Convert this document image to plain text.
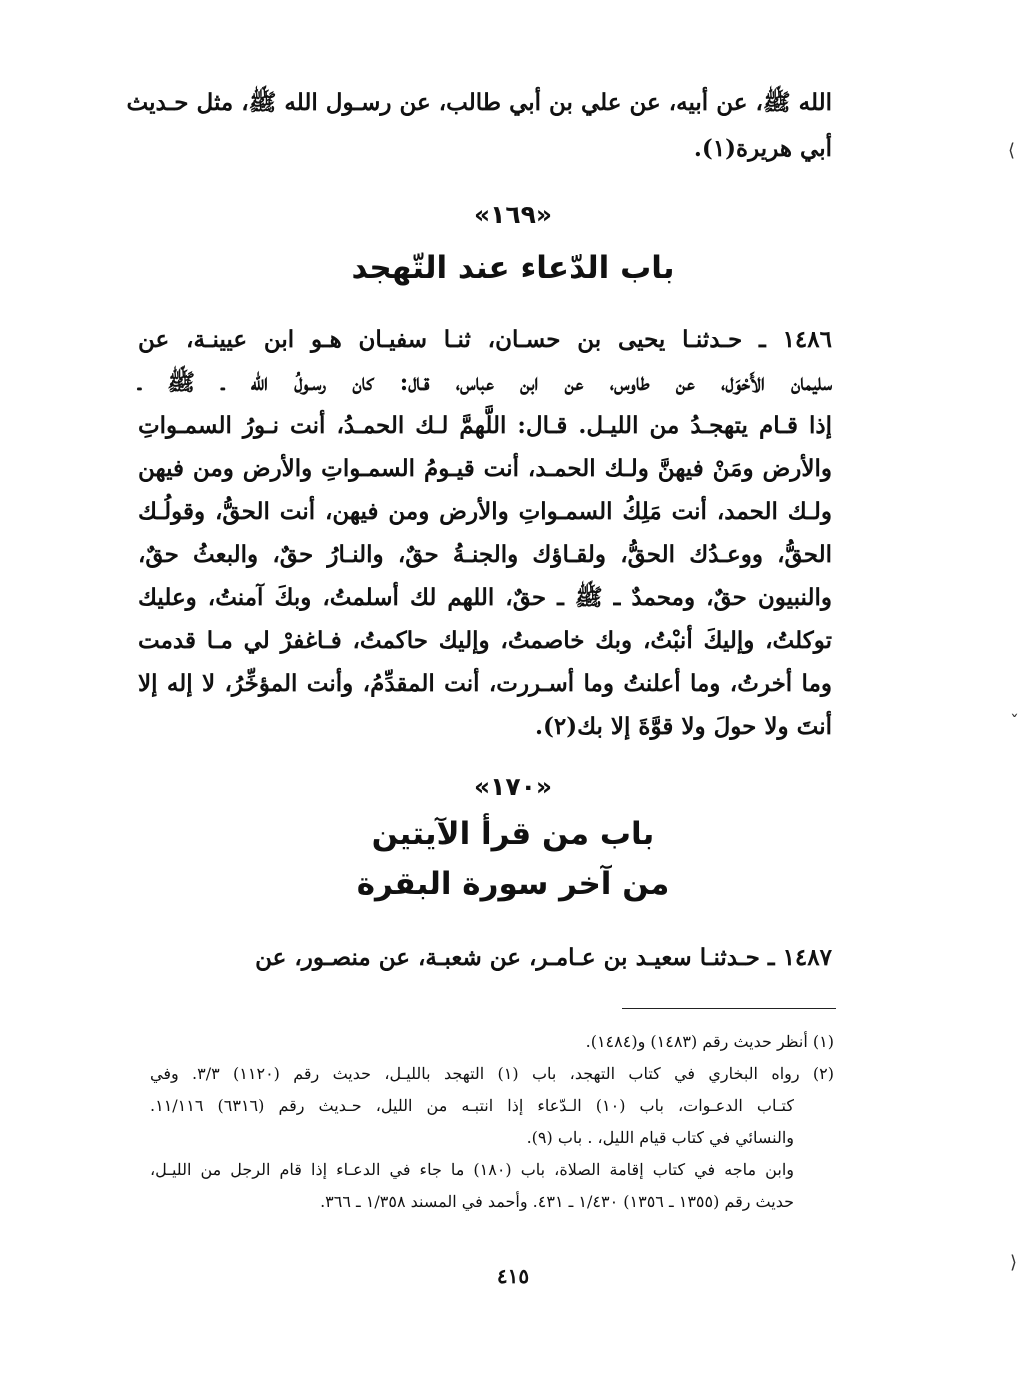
⟨
ˇ
⟩
الله ﷺ، عن أبيه، عن علي بن أبي طالب، عن رسـول الله ﷺ، مثل حـديث
أبي هريرة(١).
«١٦٩»
باب الدّعاء عند التّهجد
١٤٨٦ ـ حـدثنـا يحيى بن حسـان، ثنـا سفيـان هـو ابن عيينـة، عن
سليمان الأَحْوَل، عن طاوس، عن ابن عباس، قـال: كان رسـولُ الله ـ ﷺ ـ
إذا قـام يتهجـدُ من الليـل. قـال: اللَّهمَّ لـك الحمـدُ، أنت نـورُ السمـواتِ
والأرض ومَنْ فيهنَّ ولـك الحمـد، أنت قيـومُ السمـواتِ والأرض ومن فيهن
ولـك الحمد، أنت مَلِكُ السمـواتِ والأرض ومن فيهن، أنت الحقُّ، وقولُـك
الحقُّ، ووعـدُك الحقُّ، ولقـاؤك والجنـةُ حقٌ، والنـارُ حقٌ، والبعثُ حقٌ،
والنبيون حقٌ، ومحمدٌ ـ ﷺ ـ حقٌ، اللهم لك أسلمتُ، وبكَ آمنتُ، وعليك
توكلتُ، وإليكَ أنبْتُ، وبك خاصمتُ، وإليك حاكمتُ، فـاغفرْ لي مـا قدمت
وما أخرتُ، وما أعلنتُ وما أسـررت، أنت المقدِّمُ، وأنت المؤخِّرُ، لا إله إلا
أنتَ ولا حولَ ولا قوَّةَ إلا بك(٢).
«١٧٠»
باب من قرأ الآيتين
من آخر سورة البقرة
١٤٨٧ ـ حـدثنـا سعيـد بن عـامـر، عن شعبـة، عن منصـور، عن
(١) أنظر حديث رقم (١٤٨٣) و(١٤٨٤).
(٢) رواه البخاري في كتاب التهجد، باب (١) التهجد بالليـل، حديث رقم (١١٢٠) ٣/٣. وفي
كتـاب الدعـوات، باب (١٠) الـدّعاء إذا انتبـه من الليل، حـديث رقم (٦٣١٦) ١١/١١٦.
والنسائي في كتاب قيام الليل، . باب (٩).
وابن ماجه في كتاب إقامة الصلاة، باب (١٨٠) ما جاء في الدعـاء إذا قام الرجل من الليـل،
حديث رقم (١٣٥٥ ـ ١٣٥٦) ١/٤٣٠ ـ ٤٣١. وأحمد في المسند ١/٣٥٨ ـ ٣٦٦.
٤١٥
